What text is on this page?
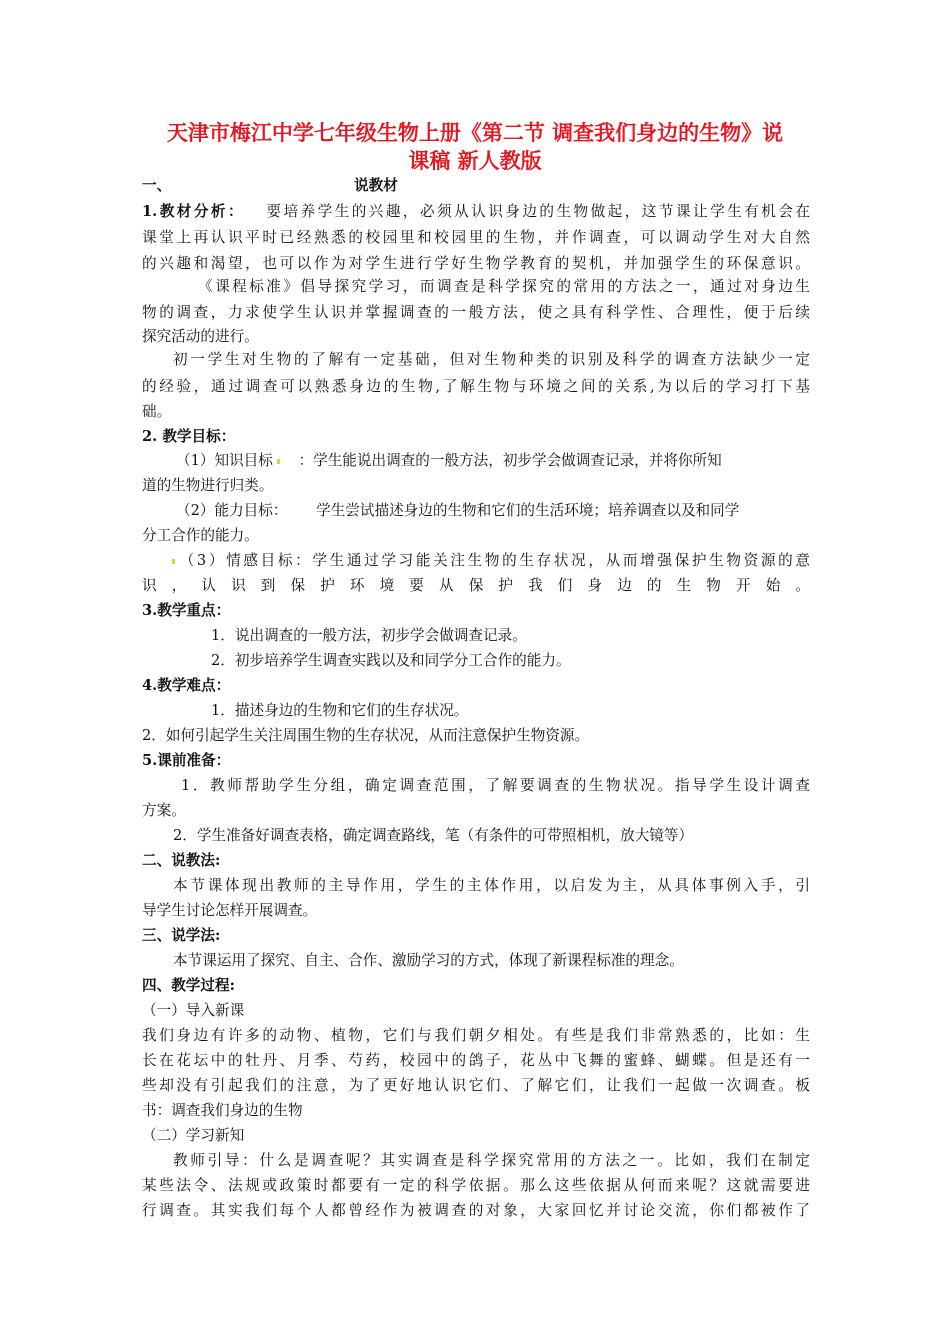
天津市梅江中学七年级生物上册《第二节 调查我们身边的生物》说
课稿 新人教版
一、	说教材
1.教材分析： 要培养学生的兴趣，必须从认识身边的生物做起，这节课让学生有机会在
课堂上再认识平时已经熟悉的校园里和校园里的生物，并作调查，可以调动学生对大自然
的兴趣和渴望，也可以作为对学生进行学好生物学教育的契机，并加强学生的环保意识。
《课程标准》倡导探究学习，而调查是科学探究的常用的方法之一，通过对身边生
物的调查，力求使学生认识并掌握调查的一般方法，使之具有科学性、合理性，便于后续
探究活动的进行。
初一学生对生物的了解有一定基础，但对生物种类的识别及科学的调查方法缺少一定
的经验，通过调查可以熟悉身边的生物,了解生物与环境之间的关系,为以后的学习打下基
础。
2. 教学目标：
（1）知识目标 ：学生能说出调查的一般方法，初步学会做调查记录，并将你所知
道的生物进行归类。
（2）能力目标： 学生尝试描述身边的生物和它们的生活环境；培养调查以及和同学
分工合作的能力。
（3）情感目标：学生通过学习能关注生物的生存状况，从而增强保护生物资源的意
识，认识到保护环境要从保护我们身边的生物开始。
3.教学重点：
1．说出调查的一般方法，初步学会做调查记录。
2．初步培养学生调查实践以及和同学分工合作的能力。
4.教学难点：
1．描述身边的生物和它们的生存状况。
2．如何引起学生关注周围生物的生存状况，从而注意保护生物资源。
5.课前准备：
1．教师帮助学生分组，确定调查范围，了解要调查的生物状况。指导学生设计调查
方案。
2．学生准备好调查表格，确定调查路线，笔（有条件的可带照相机，放大镜等）
二、说教法:
本节课体现出教师的主导作用，学生的主体作用，以启发为主，从具体事例入手，引
导学生讨论怎样开展调查。
三、说学法:
本节课运用了探究、自主、合作、激励学习的方式，体现了新课程标准的理念。
四、教学过程:
（一）导入新课
我们身边有许多的动物、植物，它们与我们朝夕相处。有些是我们非常熟悉的，比如：生
长在花坛中的牡丹、月季、芍药，校园中的鸽子，花丛中飞舞的蜜蜂、蝴蝶。但是还有一
些却没有引起我们的注意，为了更好地认识它们、了解它们，让我们一起做一次调查。板
书：调查我们身边的生物
（二）学习新知
教师引导：什么是调查呢？其实调查是科学探究常用的方法之一。比如，我们在制定
某些法令、法规或政策时都要有一定的科学依据。那么这些依据从何而来呢？这就需要进
行调查。其实我们每个人都曾经作为被调查的对象，大家回忆并讨论交流，你们都被作了
